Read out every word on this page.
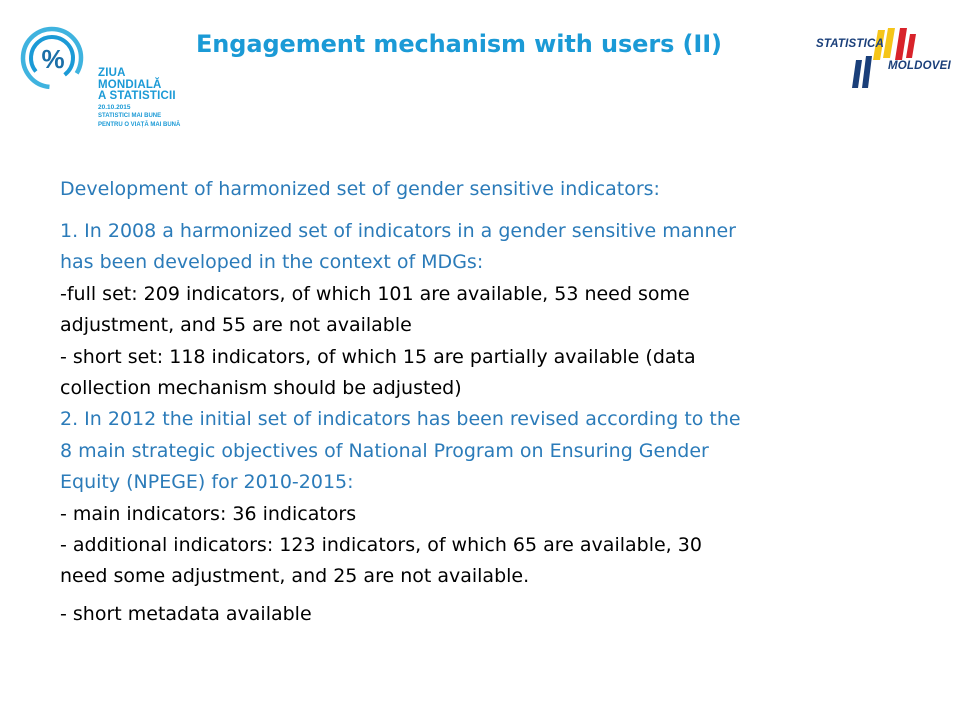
%	ZIUA
MONDIALĂ
A STATISTICII
20.10.2015
STATISTICI MAI BUNE
PENTRU O VIAȚĂ MAI BUNĂ
Engagement mechanism with users (II)	STATISTICA
MOLDOVEI

Development of harmonized set of gender sensitive indicators:

1. In 2008 a harmonized set of indicators in a gender sensitive manner
has been developed in the context of MDGs:
-full set: 209 indicators, of which 101 are available, 53 need some
adjustment, and 55 are not available
- short set: 118 indicators, of which 15 are partially available (data
collection mechanism should be adjusted)
2. In 2012 the initial set of indicators has been revised according to the
8 main strategic objectives of National Program on Ensuring Gender
Equity (NPEGE) for 2010-2015:
- main indicators: 36 indicators
- additional indicators: 123 indicators, of which 65 are available, 30
need some adjustment, and 25 are not available.

- short metadata available
